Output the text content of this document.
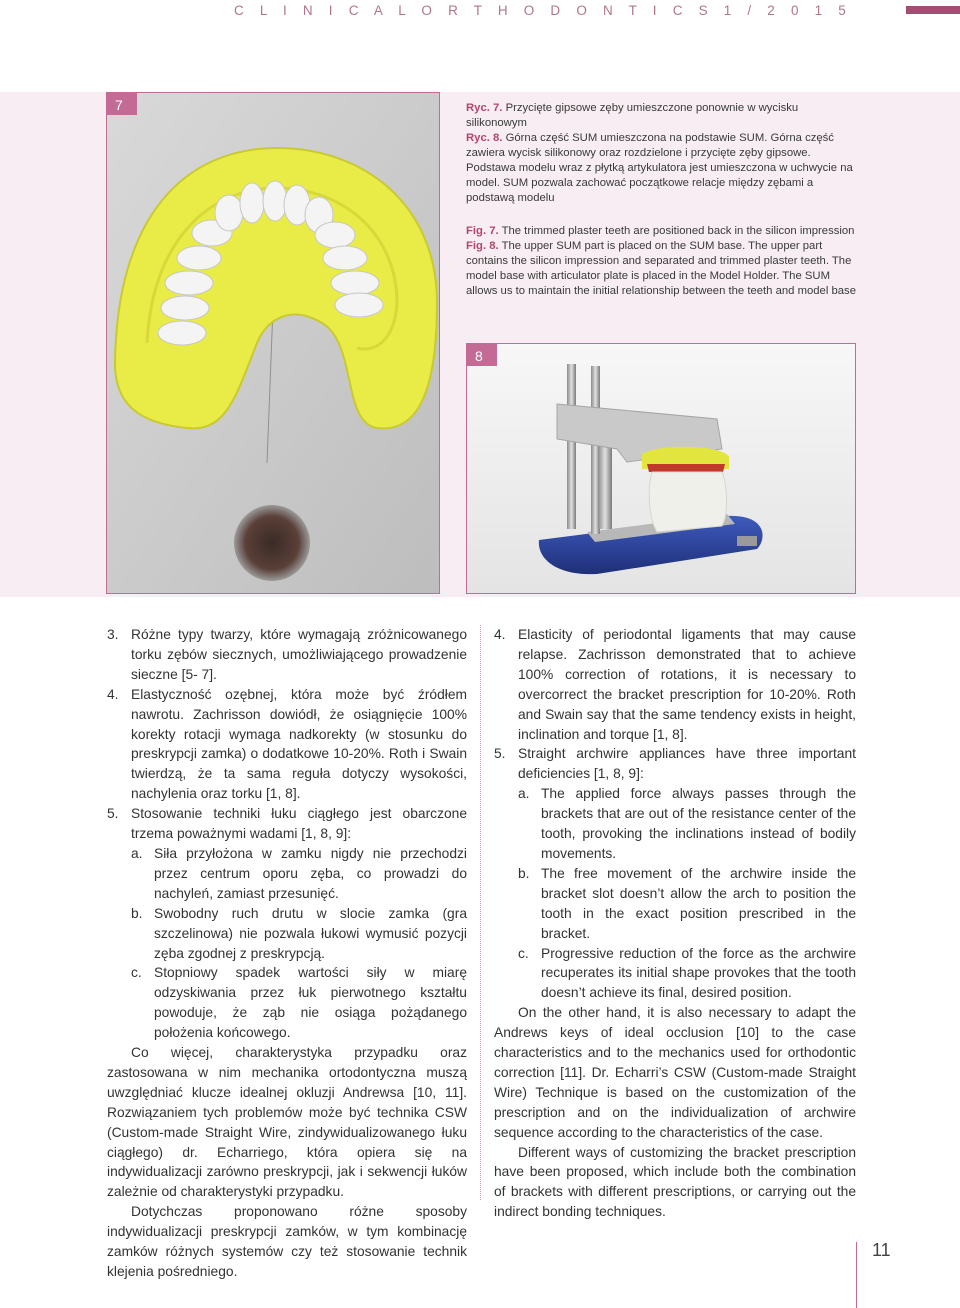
C L I N I C A L O R T H O D O N T I C S 1 / 2 0 1 5
7	Ryc. 7. Przycięte gipsowe zęby umieszczone ponownie w wycisku silikonowym
Ryc. 8. Górna część SUM umieszczona na podstawie SUM. Górna część zawiera wycisk silikonowy oraz rozdzielone i przycięte zęby gipsowe. Podstawa modelu wraz z płytką artykulatora jest umieszczona w uchwycie na model. SUM pozwala zachować początkowe relacje między zębami a podstawą modelu
Fig. 7. The trimmed plaster teeth are positioned back in the silicon impression
Fig. 8. The upper SUM part is placed on the SUM base. The upper part contains the silicon impression and separated and trimmed plaster teeth. The model base with articulator plate is placed in the Model Holder. The SUM allows us to maintain the initial relationship between the teeth and model base
8
3. Różne typy twarzy, które wymagają zróżnicowanego torku zębów siecznych, umożliwiającego prowadzenie sieczne [5- 7].
4. Elastyczność ozębnej, która może być źródłem nawrotu. Zachrisson dowiódł, że osiągnięcie 100% korekty rotacji wymaga nadkorekty (w stosunku do preskrypcji zamka) o dodatkowe 10-20%. Roth i Swain twierdzą, że ta sama reguła dotyczy wysokości, nachylenia oraz torku [1, 8].
5. Stosowanie techniki łuku ciągłego jest obarczone trzema poważnymi wadami [1, 8, 9]:
a. Siła przyłożona w zamku nigdy nie przechodzi przez centrum oporu zęba, co prowadzi do nachyleń, zamiast przesunięć.
b. Swobodny ruch drutu w slocie zamka (gra szczelinowa) nie pozwala łukowi wymusić pozycji zęba zgodnej z preskrypcją.
c. Stopniowy spadek wartości siły w miarę odzyskiwania przez łuk pierwotnego kształtu powoduje, że ząb nie osiąga pożądanego położenia końcowego.
Co więcej, charakterystyka przypadku oraz zastosowana w nim mechanika ortodontyczna muszą uwzględniać klucze idealnej okluzji Andrewsa [10, 11]. Rozwiązaniem tych problemów może być technika CSW (Custom-made Straight Wire, zindywidualizowanego łuku ciągłego) dr. Echarriego, która opiera się na indywidualizacji zarówno preskrypcji, jak i sekwencji łuków zależnie od charakterystyki przypadku.
Dotychczas proponowano różne sposoby indywidualizacji preskrypcji zamków, w tym kombinację zamków różnych systemów czy też stosowanie technik klejenia pośredniego.
4. Elasticity of periodontal ligaments that may cause relapse. Zachrisson demonstrated that to achieve 100% correction of rotations, it is necessary to overcorrect the bracket prescription for 10-20%. Roth and Swain say that the same tendency exists in height, inclination and torque [1, 8].
5. Straight archwire appliances have three important deficiencies [1, 8, 9]:
a. The applied force always passes through the brackets that are out of the resistance center of the tooth, provoking the inclinations instead of bodily movements.
b. The free movement of the archwire inside the bracket slot doesn’t allow the arch to position the tooth in the exact position prescribed in the bracket.
c. Progressive reduction of the force as the archwire recuperates its initial shape provokes that the tooth doesn’t achieve its final, desired position.
On the other hand, it is also necessary to adapt the Andrews keys of ideal occlusion [10] to the case characteristics and to the mechanics used for orthodontic correction [11]. Dr. Echarri’s CSW (Custom-made Straight Wire) Technique is based on the customization of the prescription and on the individualization of archwire sequence according to the characteristics of the case.
Different ways of customizing the bracket prescription have been proposed, which include both the combination of brackets with different prescriptions, or carrying out the indirect bonding techniques.
11
